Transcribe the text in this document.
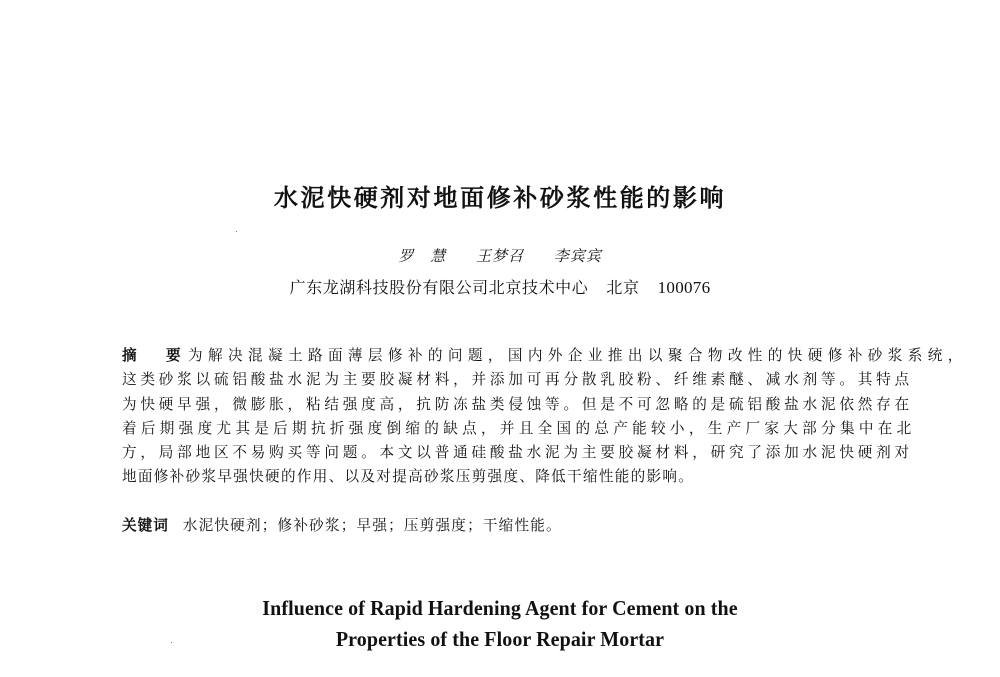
水泥快硬剂对地面修补砂浆性能的影响
罗　慧 王梦召 李宾宾
广东龙湖科技股份有限公司北京技术中心 北京 100076
摘　要为解决混凝土路面薄层修补的问题，国内外企业推出以聚合物改性的快硬修补砂浆系统，
这类砂浆以硫铝酸盐水泥为主要胶凝材料，并添加可再分散乳胶粉、纤维素醚、减水剂等。其特点
为快硬早强，微膨胀，粘结强度高，抗防冻盐类侵蚀等。但是不可忽略的是硫铝酸盐水泥依然存在
着后期强度尤其是后期抗折强度倒缩的缺点，并且全国的总产能较小，生产厂家大部分集中在北
方，局部地区不易购买等问题。本文以普通硅酸盐水泥为主要胶凝材料，研究了添加水泥快硬剂对
地面修补砂浆早强快硬的作用、以及对提高砂浆压剪强度、降低干缩性能的影响。
关键词 水泥快硬剂；修补砂浆；早强；压剪强度；干缩性能。
Influence of Rapid Hardening Agent for Cement on the
Properties of the Floor Repair Mortar
